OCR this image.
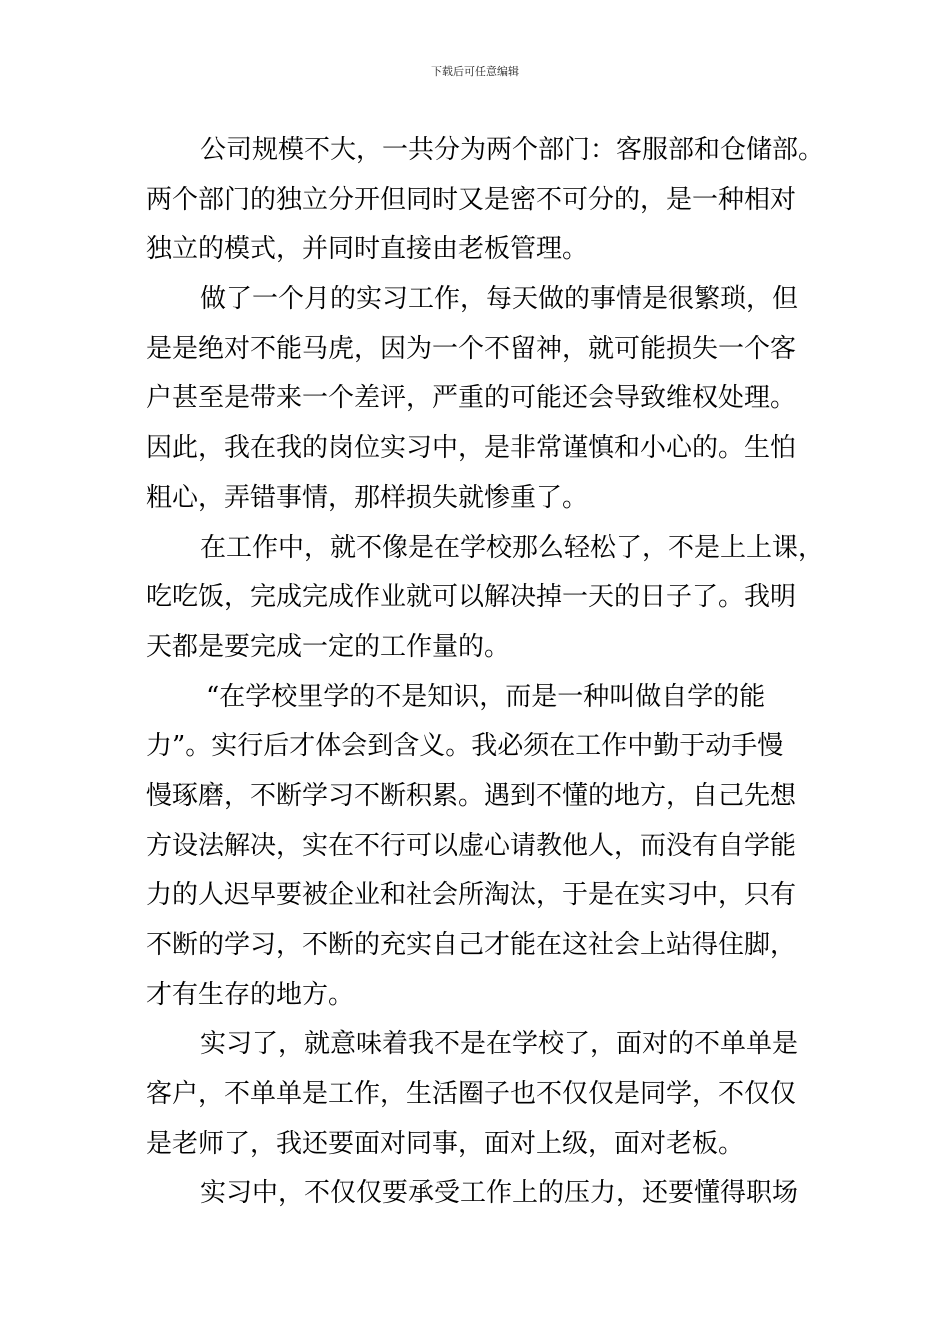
下载后可任意编辑

公司规模不大，一共分为两个部门：客服部和仓储部。
两个部门的独立分开但同时又是密不可分的，是一种相对
独立的模式，并同时直接由老板管理。

做了一个月的实习工作，每天做的事情是很繁琐，但
是是绝对不能马虎，因为一个不留神，就可能损失一个客
户甚至是带来一个差评，严重的可能还会导致维权处理。
因此，我在我的岗位实习中，是非常谨慎和小心的。生怕
粗心，弄错事情，那样损失就惨重了。

在工作中，就不像是在学校那么轻松了，不是上上课，
吃吃饭，完成完成作业就可以解决掉一天的日子了。我明
天都是要完成一定的工作量的。

“在学校里学的不是知识，而是一种叫做自学的能
力”。实行后才体会到含义。我必须在工作中勤于动手慢
慢琢磨，不断学习不断积累。遇到不懂的地方，自己先想
方设法解决，实在不行可以虚心请教他人，而没有自学能
力的人迟早要被企业和社会所淘汰，于是在实习中，只有
不断的学习，不断的充实自己才能在这社会上站得住脚，
才有生存的地方。

实习了，就意味着我不是在学校了，面对的不单单是
客户，不单单是工作，生活圈子也不仅仅是同学，不仅仅
是老师了，我还要面对同事，面对上级，面对老板。

实习中，不仅仅要承受工作上的压力，还要懂得职场
